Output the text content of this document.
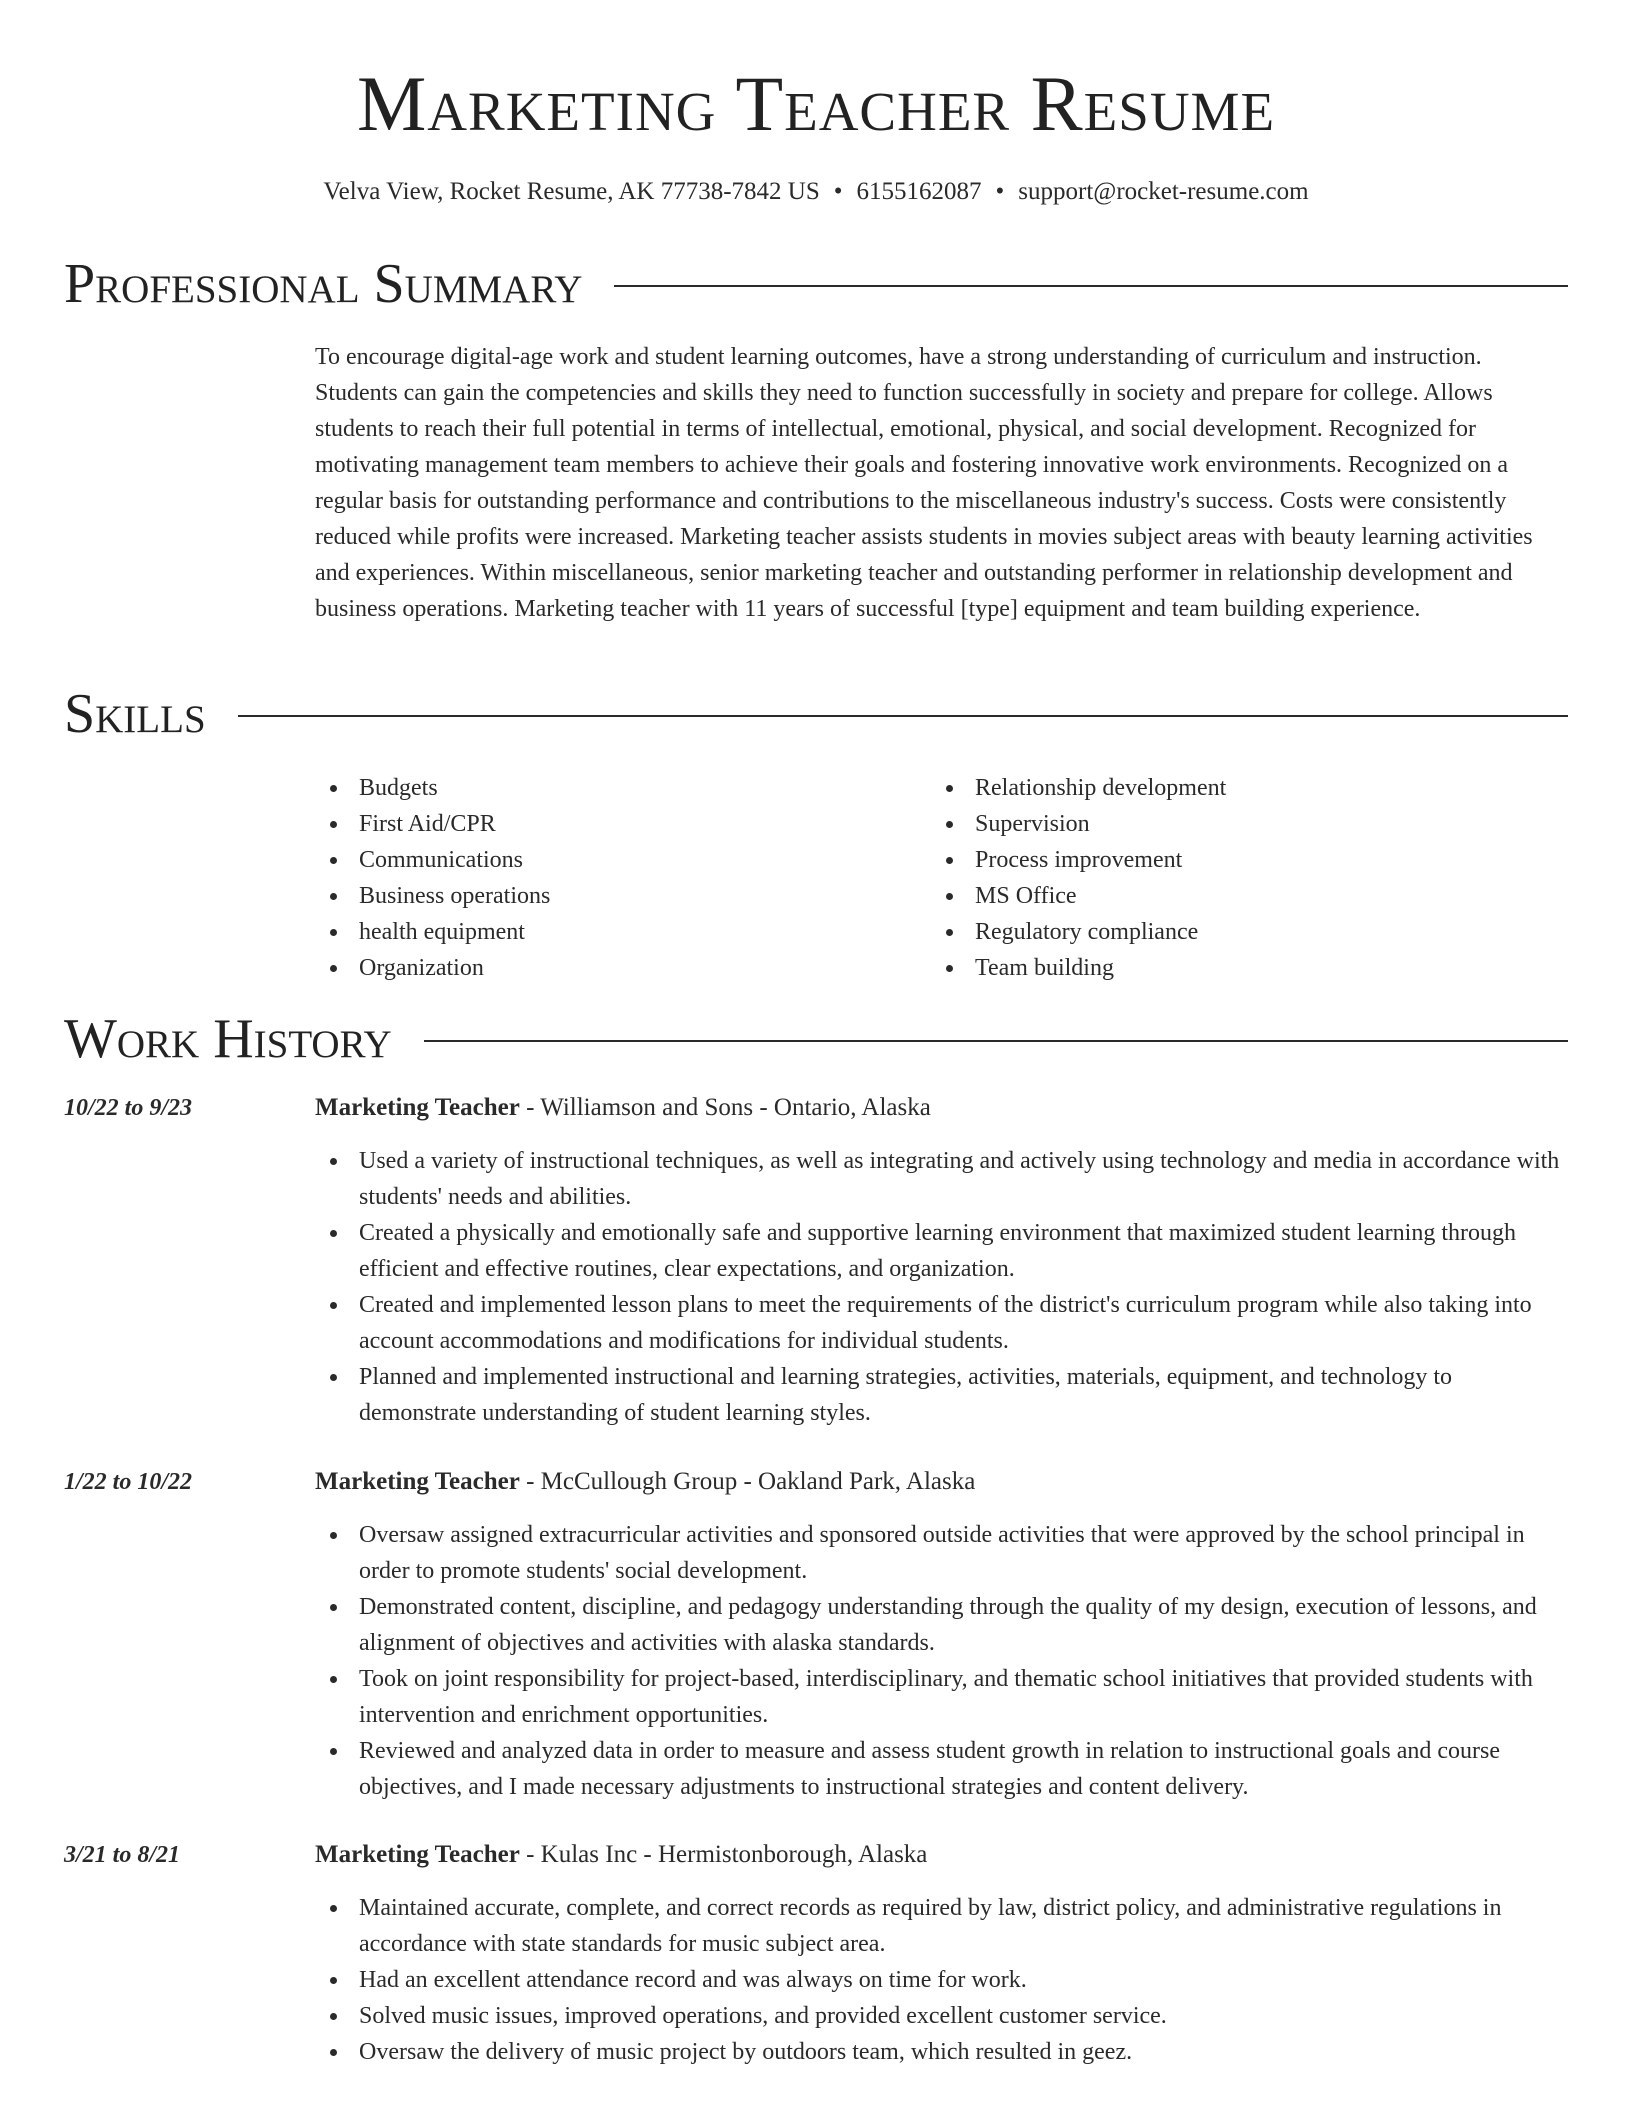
Marketing Teacher Resume
Velva View, Rocket Resume, AK 77738-7842 US • 6155162087 • support@rocket-resume.com
Professional Summary

To encourage digital-age work and student learning outcomes, have a strong understanding of curriculum and instruction. Students can gain the competencies and skills they need to function successfully in society and prepare for college. Allows students to reach their full potential in terms of intellectual, emotional, physical, and social development. Recognized for motivating management team members to achieve their goals and fostering innovative work environments. Recognized on a regular basis for outstanding performance and contributions to the miscellaneous industry's success. Costs were consistently reduced while profits were increased. Marketing teacher assists students in movies subject areas with beauty learning activities and experiences. Within miscellaneous, senior marketing teacher and outstanding performer in relationship development and business operations. Marketing teacher with 11 years of successful [type] equipment and team building experience.

Skills
Budgets
First Aid/CPR
Communications
Business operations
health equipment
Organization
Relationship development
Supervision
Process improvement
MS Office
Regulatory compliance
Team building
Work History
10/22 to 9/23	Marketing Teacher - Williamson and Sons - Ontario, Alaska
Used a variety of instructional techniques, as well as integrating and actively using technology and media in accordance with students' needs and abilities.
Created a physically and emotionally safe and supportive learning environment that maximized student learning through efficient and effective routines, clear expectations, and organization.
Created and implemented lesson plans to meet the requirements of the district's curriculum program while also taking into account accommodations and modifications for individual students.
Planned and implemented instructional and learning strategies, activities, materials, equipment, and technology to demonstrate understanding of student learning styles.
1/22 to 10/22	Marketing Teacher - McCullough Group - Oakland Park, Alaska
Oversaw assigned extracurricular activities and sponsored outside activities that were approved by the school principal in order to promote students' social development.
Demonstrated content, discipline, and pedagogy understanding through the quality of my design, execution of lessons, and alignment of objectives and activities with alaska standards.
Took on joint responsibility for project-based, interdisciplinary, and thematic school initiatives that provided students with intervention and enrichment opportunities.
Reviewed and analyzed data in order to measure and assess student growth in relation to instructional goals and course objectives, and I made necessary adjustments to instructional strategies and content delivery.
3/21 to 8/21	Marketing Teacher - Kulas Inc - Hermistonborough, Alaska
Maintained accurate, complete, and correct records as required by law, district policy, and administrative regulations in accordance with state standards for music subject area.
Had an excellent attendance record and was always on time for work.
Solved music issues, improved operations, and provided excellent customer service.
Oversaw the delivery of music project by outdoors team, which resulted in geez.
